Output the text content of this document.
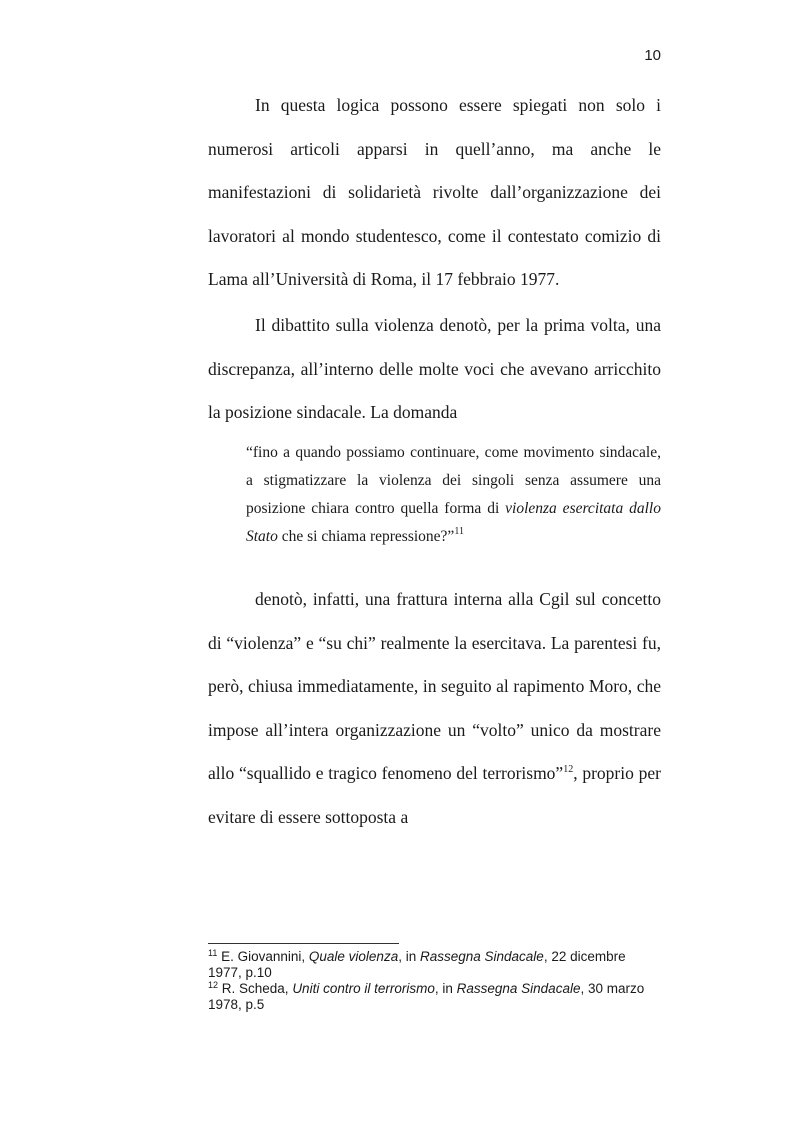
10

In questa logica possono essere spiegati non solo i numerosi articoli apparsi in quell’anno, ma anche le manifestazioni di solidarietà rivolte dall’organizzazione dei lavoratori al mondo studentesco, come il contestato comizio di Lama all’Università di Roma, il 17 febbraio 1977.

Il dibattito sulla violenza denotò, per la prima volta, una discrepanza, all’interno delle molte voci che avevano arricchito la posizione sindacale. La domanda

“fino a quando possiamo continuare, come movimento sindacale, a stigmatizzare la violenza dei singoli senza assumere una posizione chiara contro quella forma di violenza esercitata dallo Stato che si chiama repressione?”$^{11}$

denotò, infatti, una frattura interna alla Cgil sul concetto di “violenza” e “su chi” realmente la esercitava. La parentesi fu, però, chiusa immediatamente, in seguito al rapimento Moro, che impose all’intera organizzazione un “volto” unico da mostrare allo “squallido e tragico fenomeno del terrorismo”$^{12}$, proprio per evitare di essere sottoposta a

$^{11}$ E. Giovannini, Quale violenza, in Rassegna Sindacale, 22 dicembre 1977, p.10

$^{12}$ R. Scheda, Uniti contro il terrorismo, in Rassegna Sindacale, 30 marzo 1978, p.5
